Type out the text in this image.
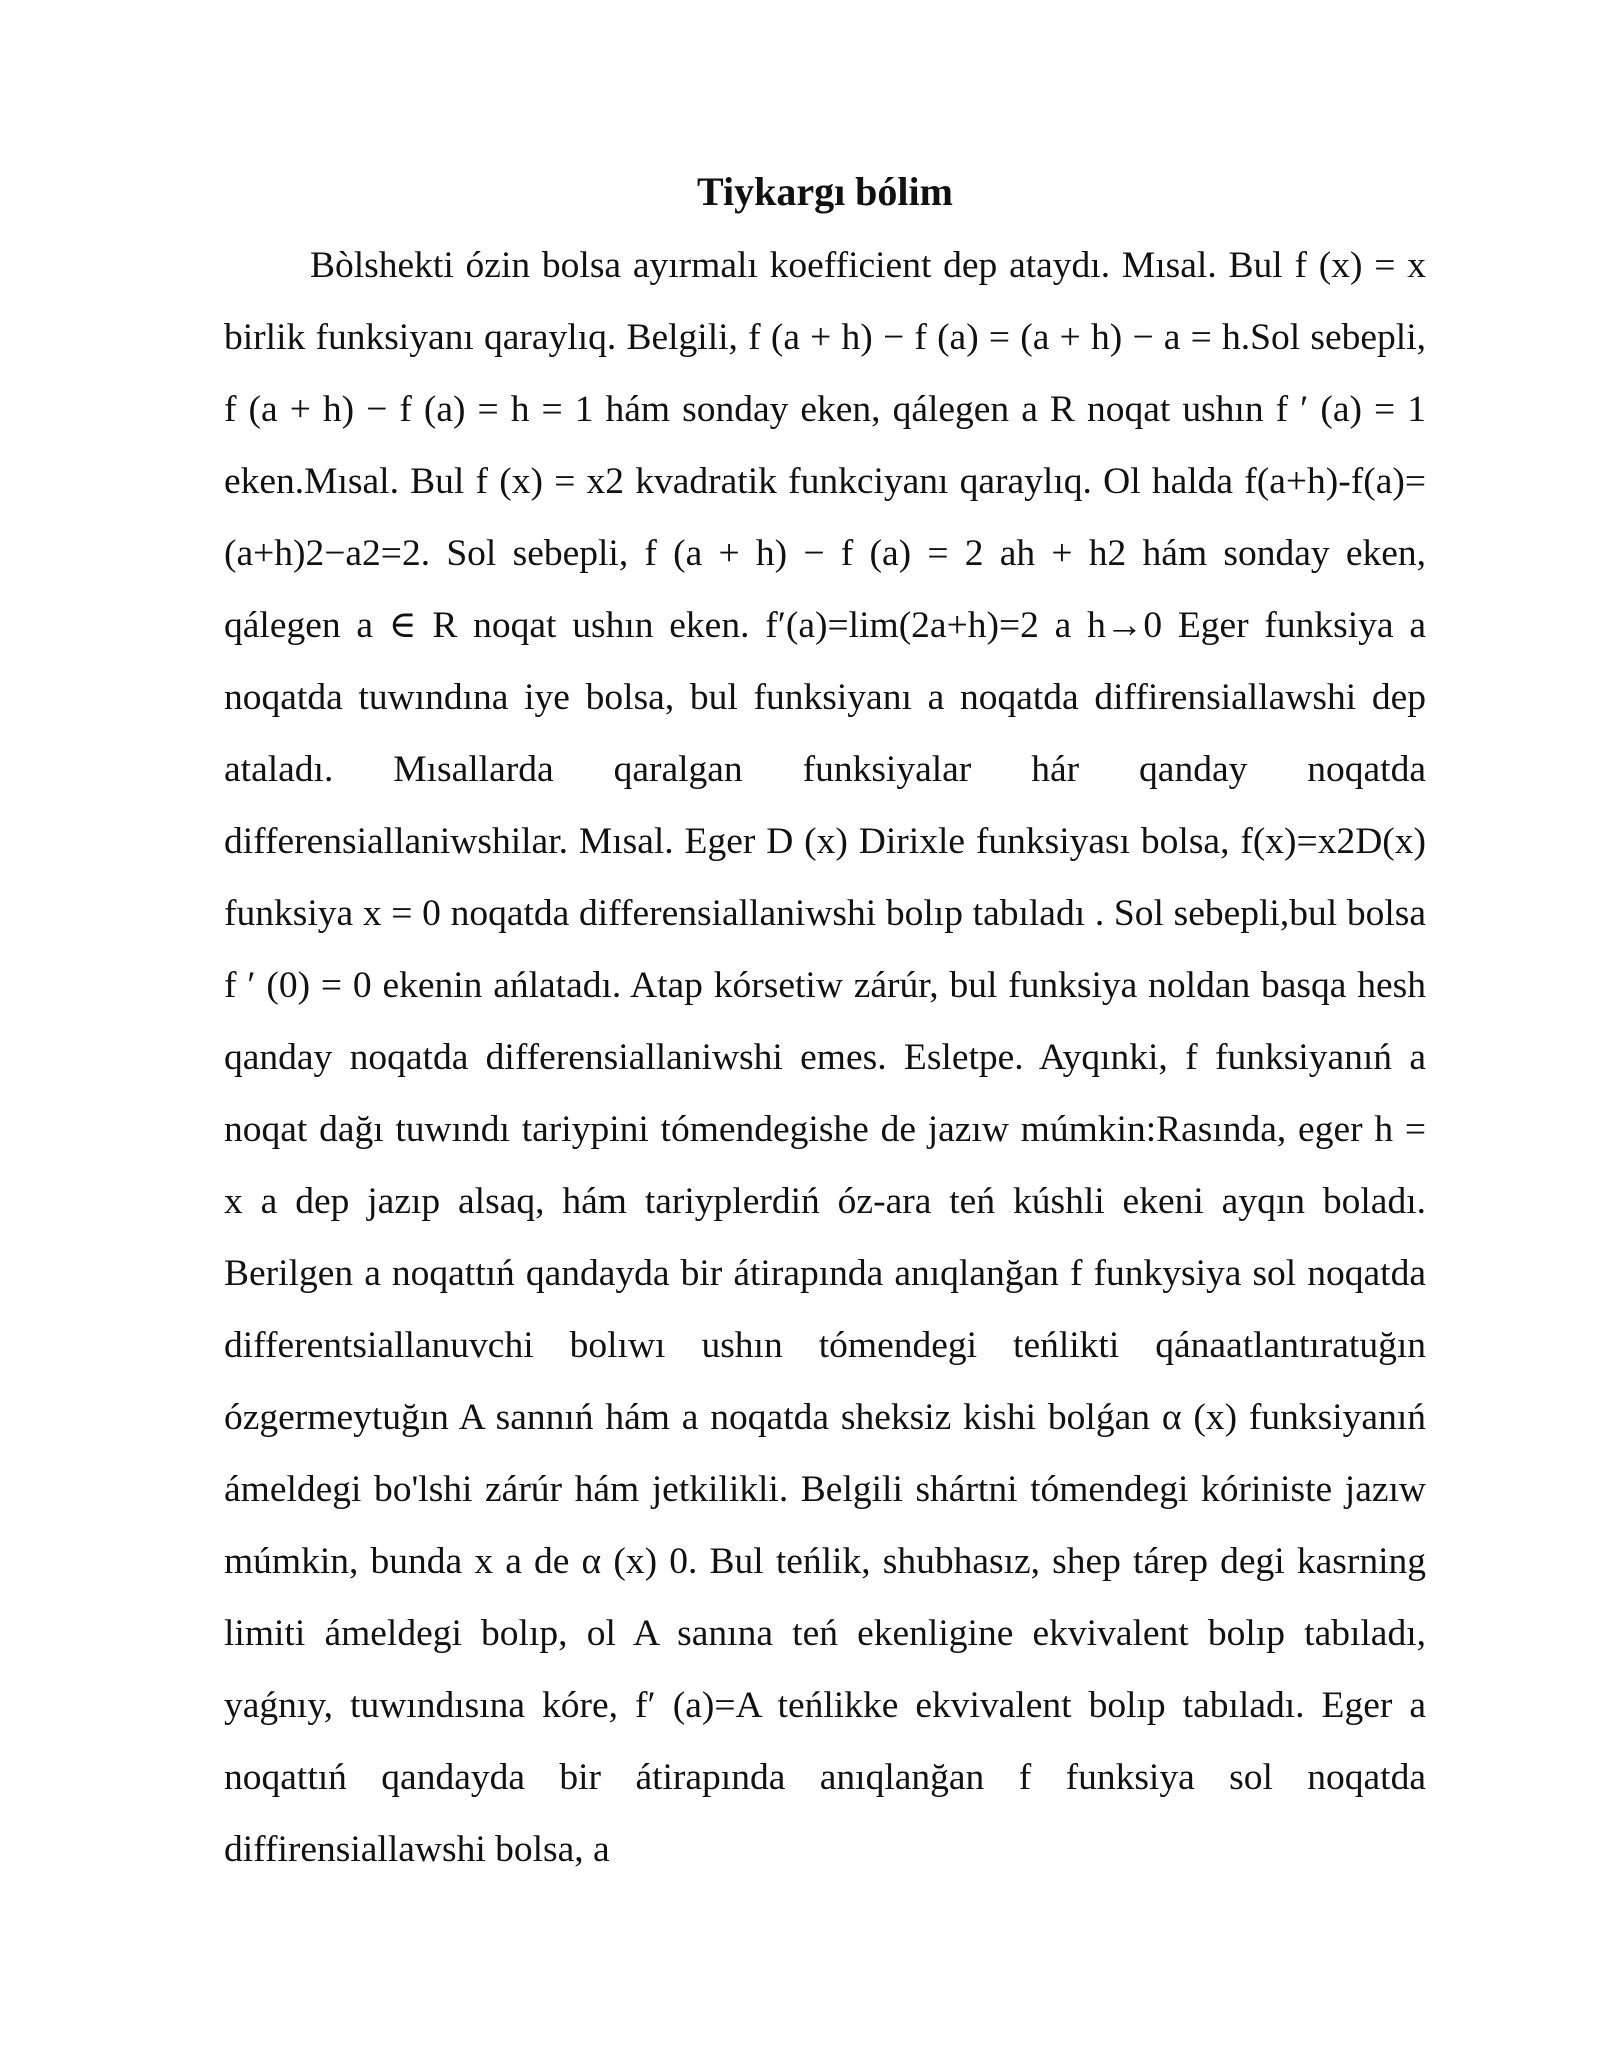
Tiykargı bólim

Bòlshekti ózin bolsa ayırmalı koefficient dep ataydı. Mısal. Bul f (x) = x birlik funksiyanı qaraylıq. Belgili, f (a + h) − f (a) = (a + h) − a = h.Sol sebepli, f (a + h) − f (a) = h = 1 hám sonday eken, qálegen a R noqat ushın f ′ (a) = 1 eken.Mısal. Bul f (x) = x2 kvadratik funkciyanı qaraylıq. Ol halda f(a+h)-f(a)=(a+h)2−a2=2. Sol sebepli, f (a + h) − f (a) = 2 ah + h2 hám sonday eken, qálegen a ∈ R noqat ushın eken. f′(a)=lim(2a+h)=2 a h→0 Eger funksiya a noqatda tuwındına iye bolsa, bul funksiyanı a noqatda diffirensiallawshi dep ataladı. Mısallarda qaralgan funksiyalar hár qanday noqatda differensiallaniwshilar. Mısal. Eger D (x) Dirixle funksiyası bolsa, f(x)=x2D(x) funksiya x = 0 noqatda differensiallaniwshi bolıp tabıladı . Sol sebepli,bul bolsa f ′ (0) = 0 ekenin ańlatadı. Atap kórsetiw zárúr, bul funksiya noldan basqa hesh qanday noqatda differensiallaniwshi emes. Esletpe. Ayqınki, f funksiyanıń a noqat dağı tuwındı tariypini tómendegishe de jazıw múmkin:Rasında, eger h = x a dep jazıp alsaq, hám tariyplerdiń óz-ara teń kúshli ekeni ayqın boladı. Berilgen a noqattıń qandayda bir átirapında anıqlanğan f funkysiya sol noqatda differentsiallanuvchi bolıwı ushın tómendegi teńlikti qánaatlantıratuğın ózgermeytuğın A sannıń hám a noqatda sheksiz kishi bolǵan α (x) funksiyanıń ámeldegi bo'lshi zárúr hám jetkilikli. Belgili shártni tómendegi kóriniste jazıw múmkin, bunda x a de α (x) 0. Bul teńlik, shubhasız, shep tárep degi kasrning limiti ámeldegi bolıp, ol A sanına teń ekenligine ekvivalent bolıp tabıladı, yaǵnıy, tuwındısına kóre, f′ (a)=A teńlikke ekvivalent bolıp tabıladı. Eger a noqattıń qandayda bir átirapında anıqlanğan f funksiya sol noqatda diffirensiallawshi bolsa, a
